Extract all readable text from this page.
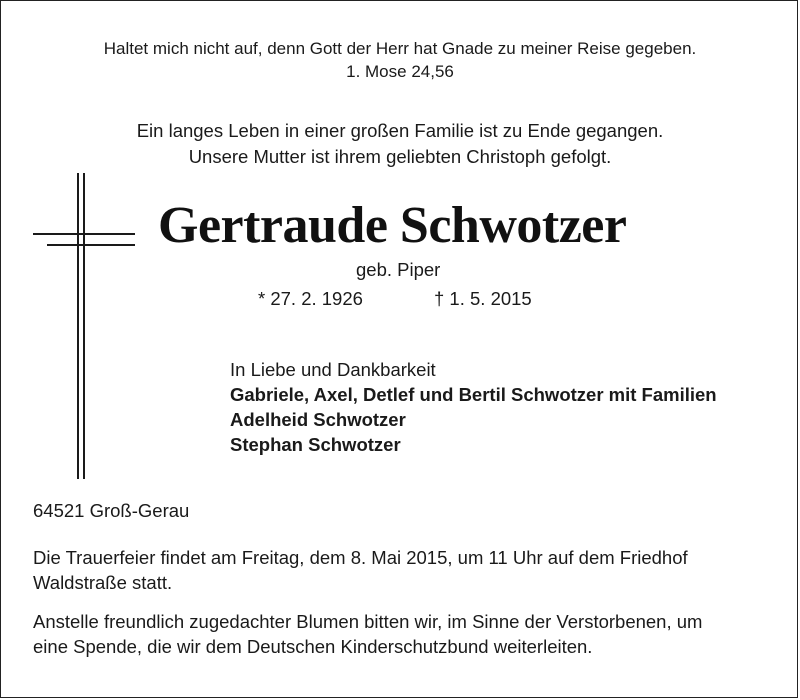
Haltet mich nicht auf, denn Gott der Herr hat Gnade zu meiner Reise gegeben.
1. Mose 24,56
Ein langes Leben in einer großen Familie ist zu Ende gegangen.
Unsere Mutter ist ihrem geliebten Christoph gefolgt.
Gertraude Schwotzer
geb. Piper
* 27. 2. 1926	† 1. 5. 2015
In Liebe und Dankbarkeit
Gabriele, Axel, Detlef und Bertil Schwotzer mit Familien
Adelheid Schwotzer
Stephan Schwotzer
64521 Groß-Gerau
Die Trauerfeier findet am Freitag, dem 8. Mai 2015, um 11 Uhr auf dem Friedhof
Waldstraße statt.
Anstelle freundlich zugedachter Blumen bitten wir, im Sinne der Verstorbenen, um
eine Spende, die wir dem Deutschen Kinderschutzbund weiterleiten.
